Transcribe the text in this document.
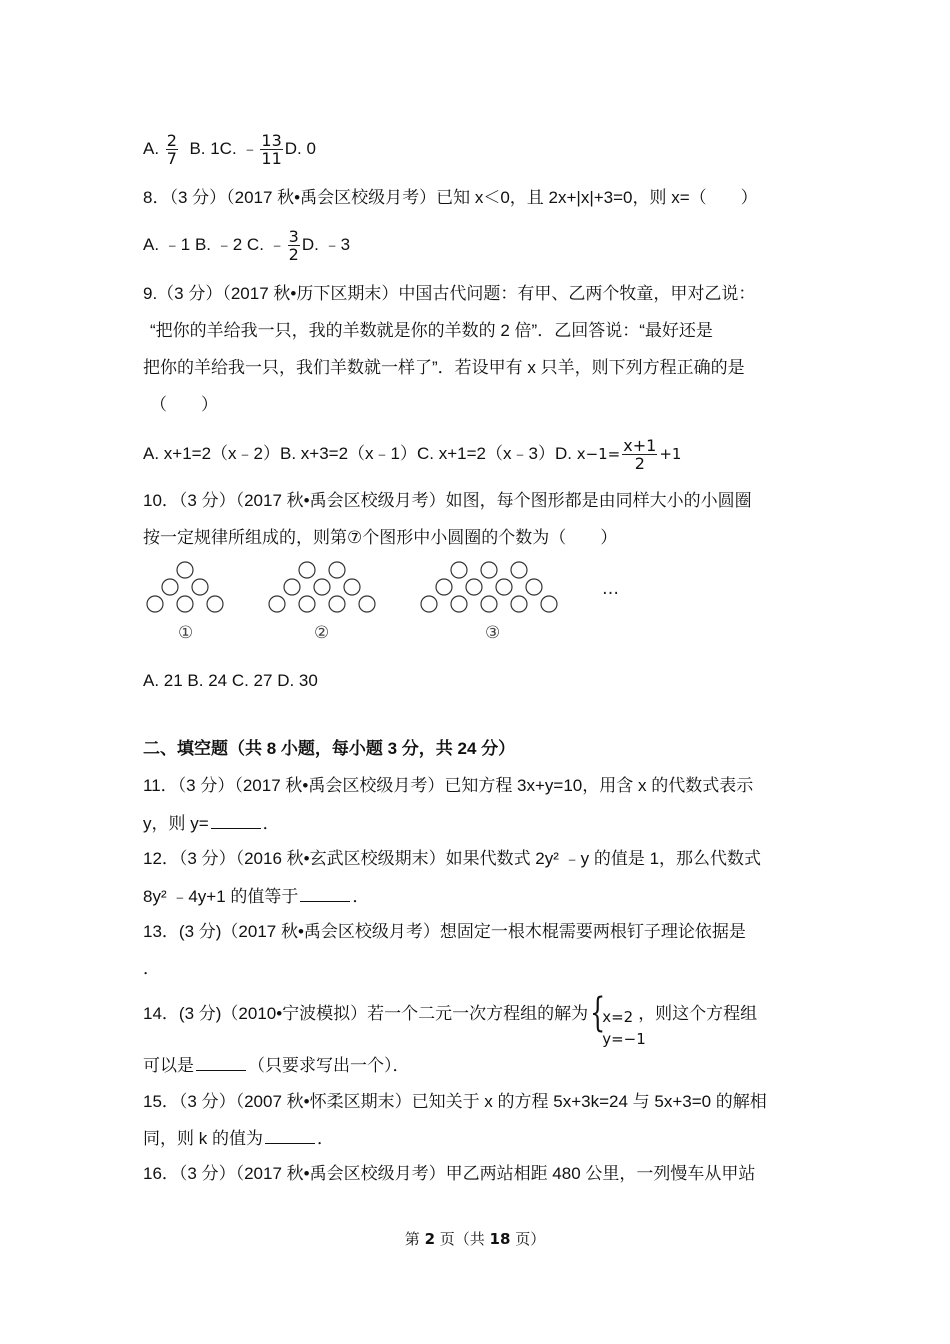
A. $\frac{2}{7} B$. 1C. ﹣ $\frac{13}{11} D$. 0
8．（3 分）（2017 秋•禹会区校级月考）已知 x＜0，且 2x+|x|+3=0，则 x=（　　）
A. ﹣1 B. ﹣2 C. ﹣ $\frac{3}{2} D$. ﹣3
9.（3 分）（2017 秋•历下区期末）中国古代问题：有甲、乙两个牧童，甲对乙说：
“把你的羊给我一只，我的羊数就是你的羊数的 2 倍”．乙回答说：“最好还是
把你的羊给我一只，我们羊数就一样了”．若设甲有 x 只羊，则下列方程正确的是
（　　）
A. x+1=2（x﹣2）B. x+3=2（x﹣1）C. x+1=2（x﹣3）D. $x-1= \frac{x+1}{2} +1$
10．（3 分）（2017 秋•禹会区校级月考）如图，每个图形都是由同样大小的小圆圈
按一定规律所组成的，则第⑦个图形中小圆圈的个数为（　　）
①	②	③
…
A. 21 B. 24 C. 27 D. 30
二、填空题（共 8 小题，每小题 3 分，共 24 分）
11．（3 分）（2017 秋•禹会区校级月考）已知方程 3x+y=10，用含 x 的代数式表示
y，则 y=	．
12．（3 分）（2016 秋•玄武区校级期末）如果代数式 2y² ﹣y 的值是 1，那么代数式
8y² ﹣4y+1 的值等于	．
13．(3 分)（2017 秋•禹会区校级月考）想固定一根木棍需要两根钉子理论依据是
．
14．(3 分)（2010•宁波模拟）若一个二元一次方程组的解为 {
x=2
y=−1
，则这个方程组
可以是	（只要求写出一个）．
15．（3 分）（2007 秋•怀柔区期末）已知关于 x 的方程 5x+3k=24 与 5x+3=0 的解相
同，则 k 的值为	．
16．（3 分）（2017 秋•禹会区校级月考）甲乙两站相距 480 公里，一列慢车从甲站
第 2 页（共 18 页）
